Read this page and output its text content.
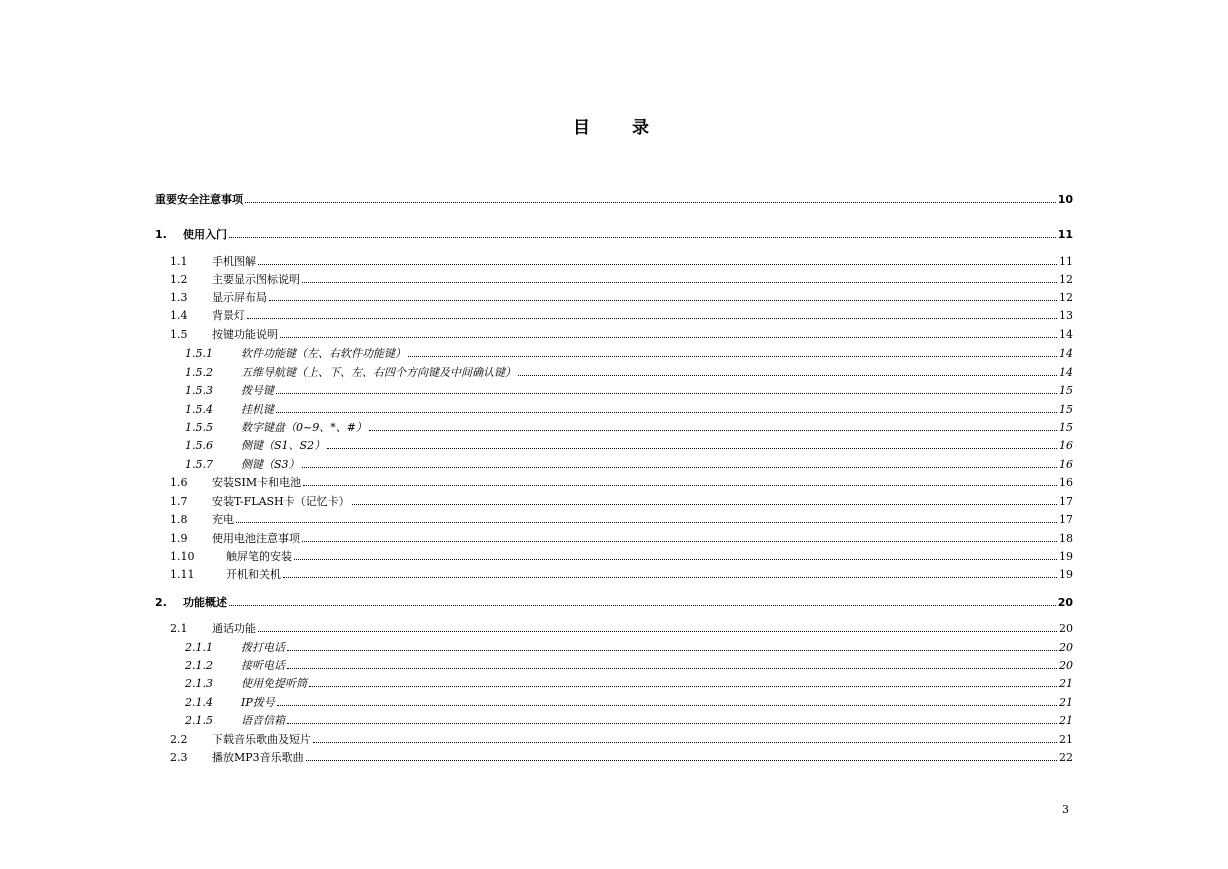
目 录
重要安全注意事项	10
1.	使用入门	11
1.1	手机图解	11
1.2	主要显示图标说明	12
1.3	显示屏布局	12
1.4	背景灯	13
1.5	按键功能说明	14
1.5.1	软件功能键（左、右软件功能键）	14
1.5.2	五维导航键（上、下、左、右四个方向键及中间确认键）	14
1.5.3	拨号键	15
1.5.4	挂机键	15
1.5.5	数字键盘（0~9、*、#）	15
1.5.6	侧键（S1、S2）	16
1.5.7	侧键（S3）	16
1.6	安装SIM卡和电池	16
1.7	安装T-FLASH卡（记忆卡）	17
1.8	充电	17
1.9	使用电池注意事项	18
1.10	触屏笔的安装	19
1.11	开机和关机	19
2.	功能概述	20
2.1	通话功能	20
2.1.1	拨打电话	20
2.1.2	接听电话	20
2.1.3	使用免提听筒	21
2.1.4	IP拨号	21
2.1.5	语音信箱	21
2.2	下载音乐歌曲及短片	21
2.3	播放MP3音乐歌曲	22
3
